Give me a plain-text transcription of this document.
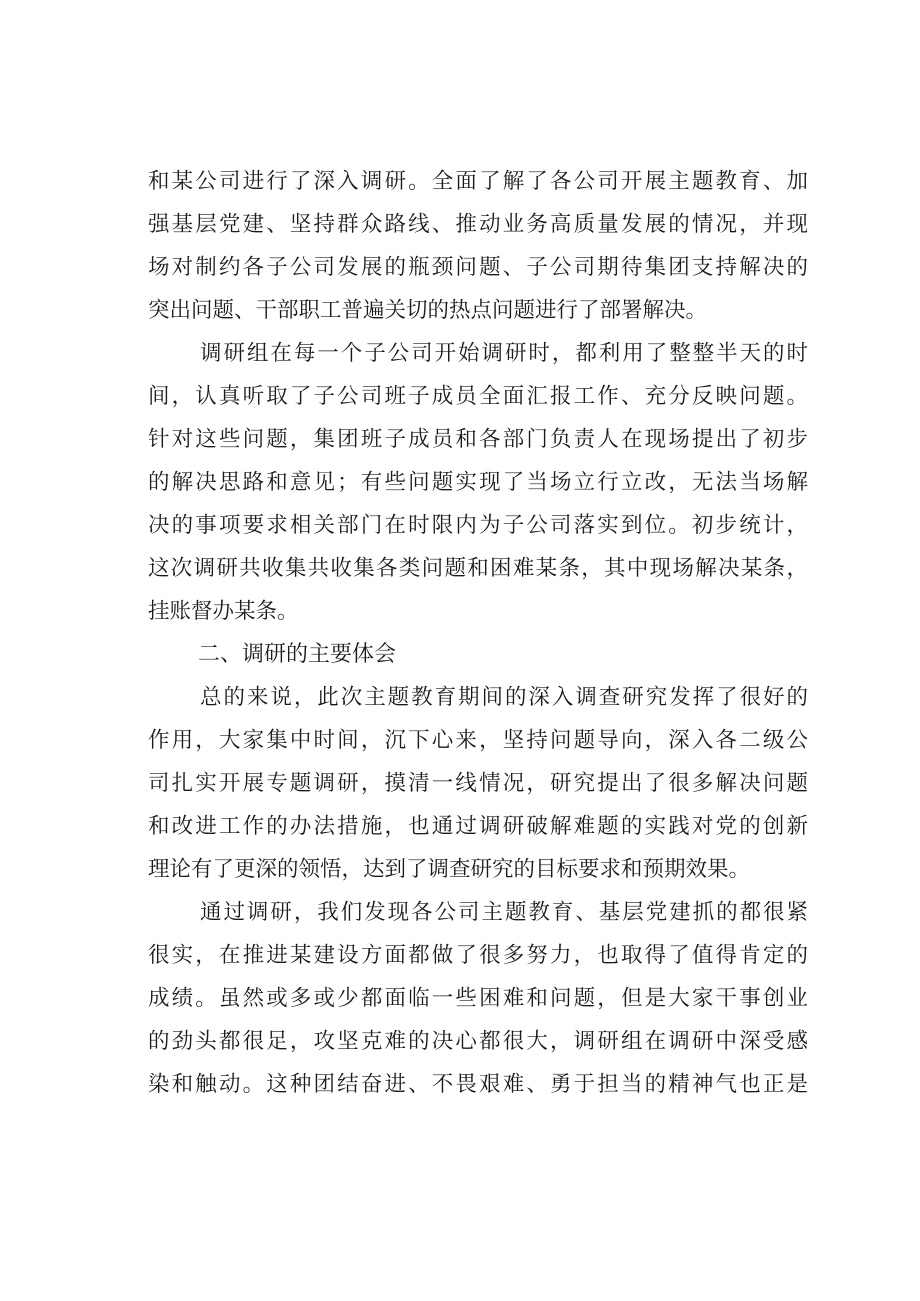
和某公司进行了深入调研。全面了解了各公司开展主题教育、加
强基层党建、坚持群众路线、推动业务高质量发展的情况，并现
场对制约各子公司发展的瓶颈问题、子公司期待集团支持解决的
突出问题、干部职工普遍关切的热点问题进行了部署解决。
调研组在每一个子公司开始调研时，都利用了整整半天的时
间，认真听取了子公司班子成员全面汇报工作、充分反映问题。
针对这些问题，集团班子成员和各部门负责人在现场提出了初步
的解决思路和意见；有些问题实现了当场立行立改，无法当场解
决的事项要求相关部门在时限内为子公司落实到位。初步统计，
这次调研共收集共收集各类问题和困难某条，其中现场解决某条，
挂账督办某条。
二、调研的主要体会
总的来说，此次主题教育期间的深入调查研究发挥了很好的
作用，大家集中时间，沉下心来，坚持问题导向，深入各二级公
司扎实开展专题调研，摸清一线情况，研究提出了很多解决问题
和改进工作的办法措施，也通过调研破解难题的实践对党的创新
理论有了更深的领悟，达到了调查研究的目标要求和预期效果。
通过调研，我们发现各公司主题教育、基层党建抓的都很紧
很实，在推进某建设方面都做了很多努力，也取得了值得肯定的
成绩。虽然或多或少都面临一些困难和问题，但是大家干事创业
的劲头都很足，攻坚克难的决心都很大，调研组在调研中深受感
染和触动。这种团结奋进、不畏艰难、勇于担当的精神气也正是
